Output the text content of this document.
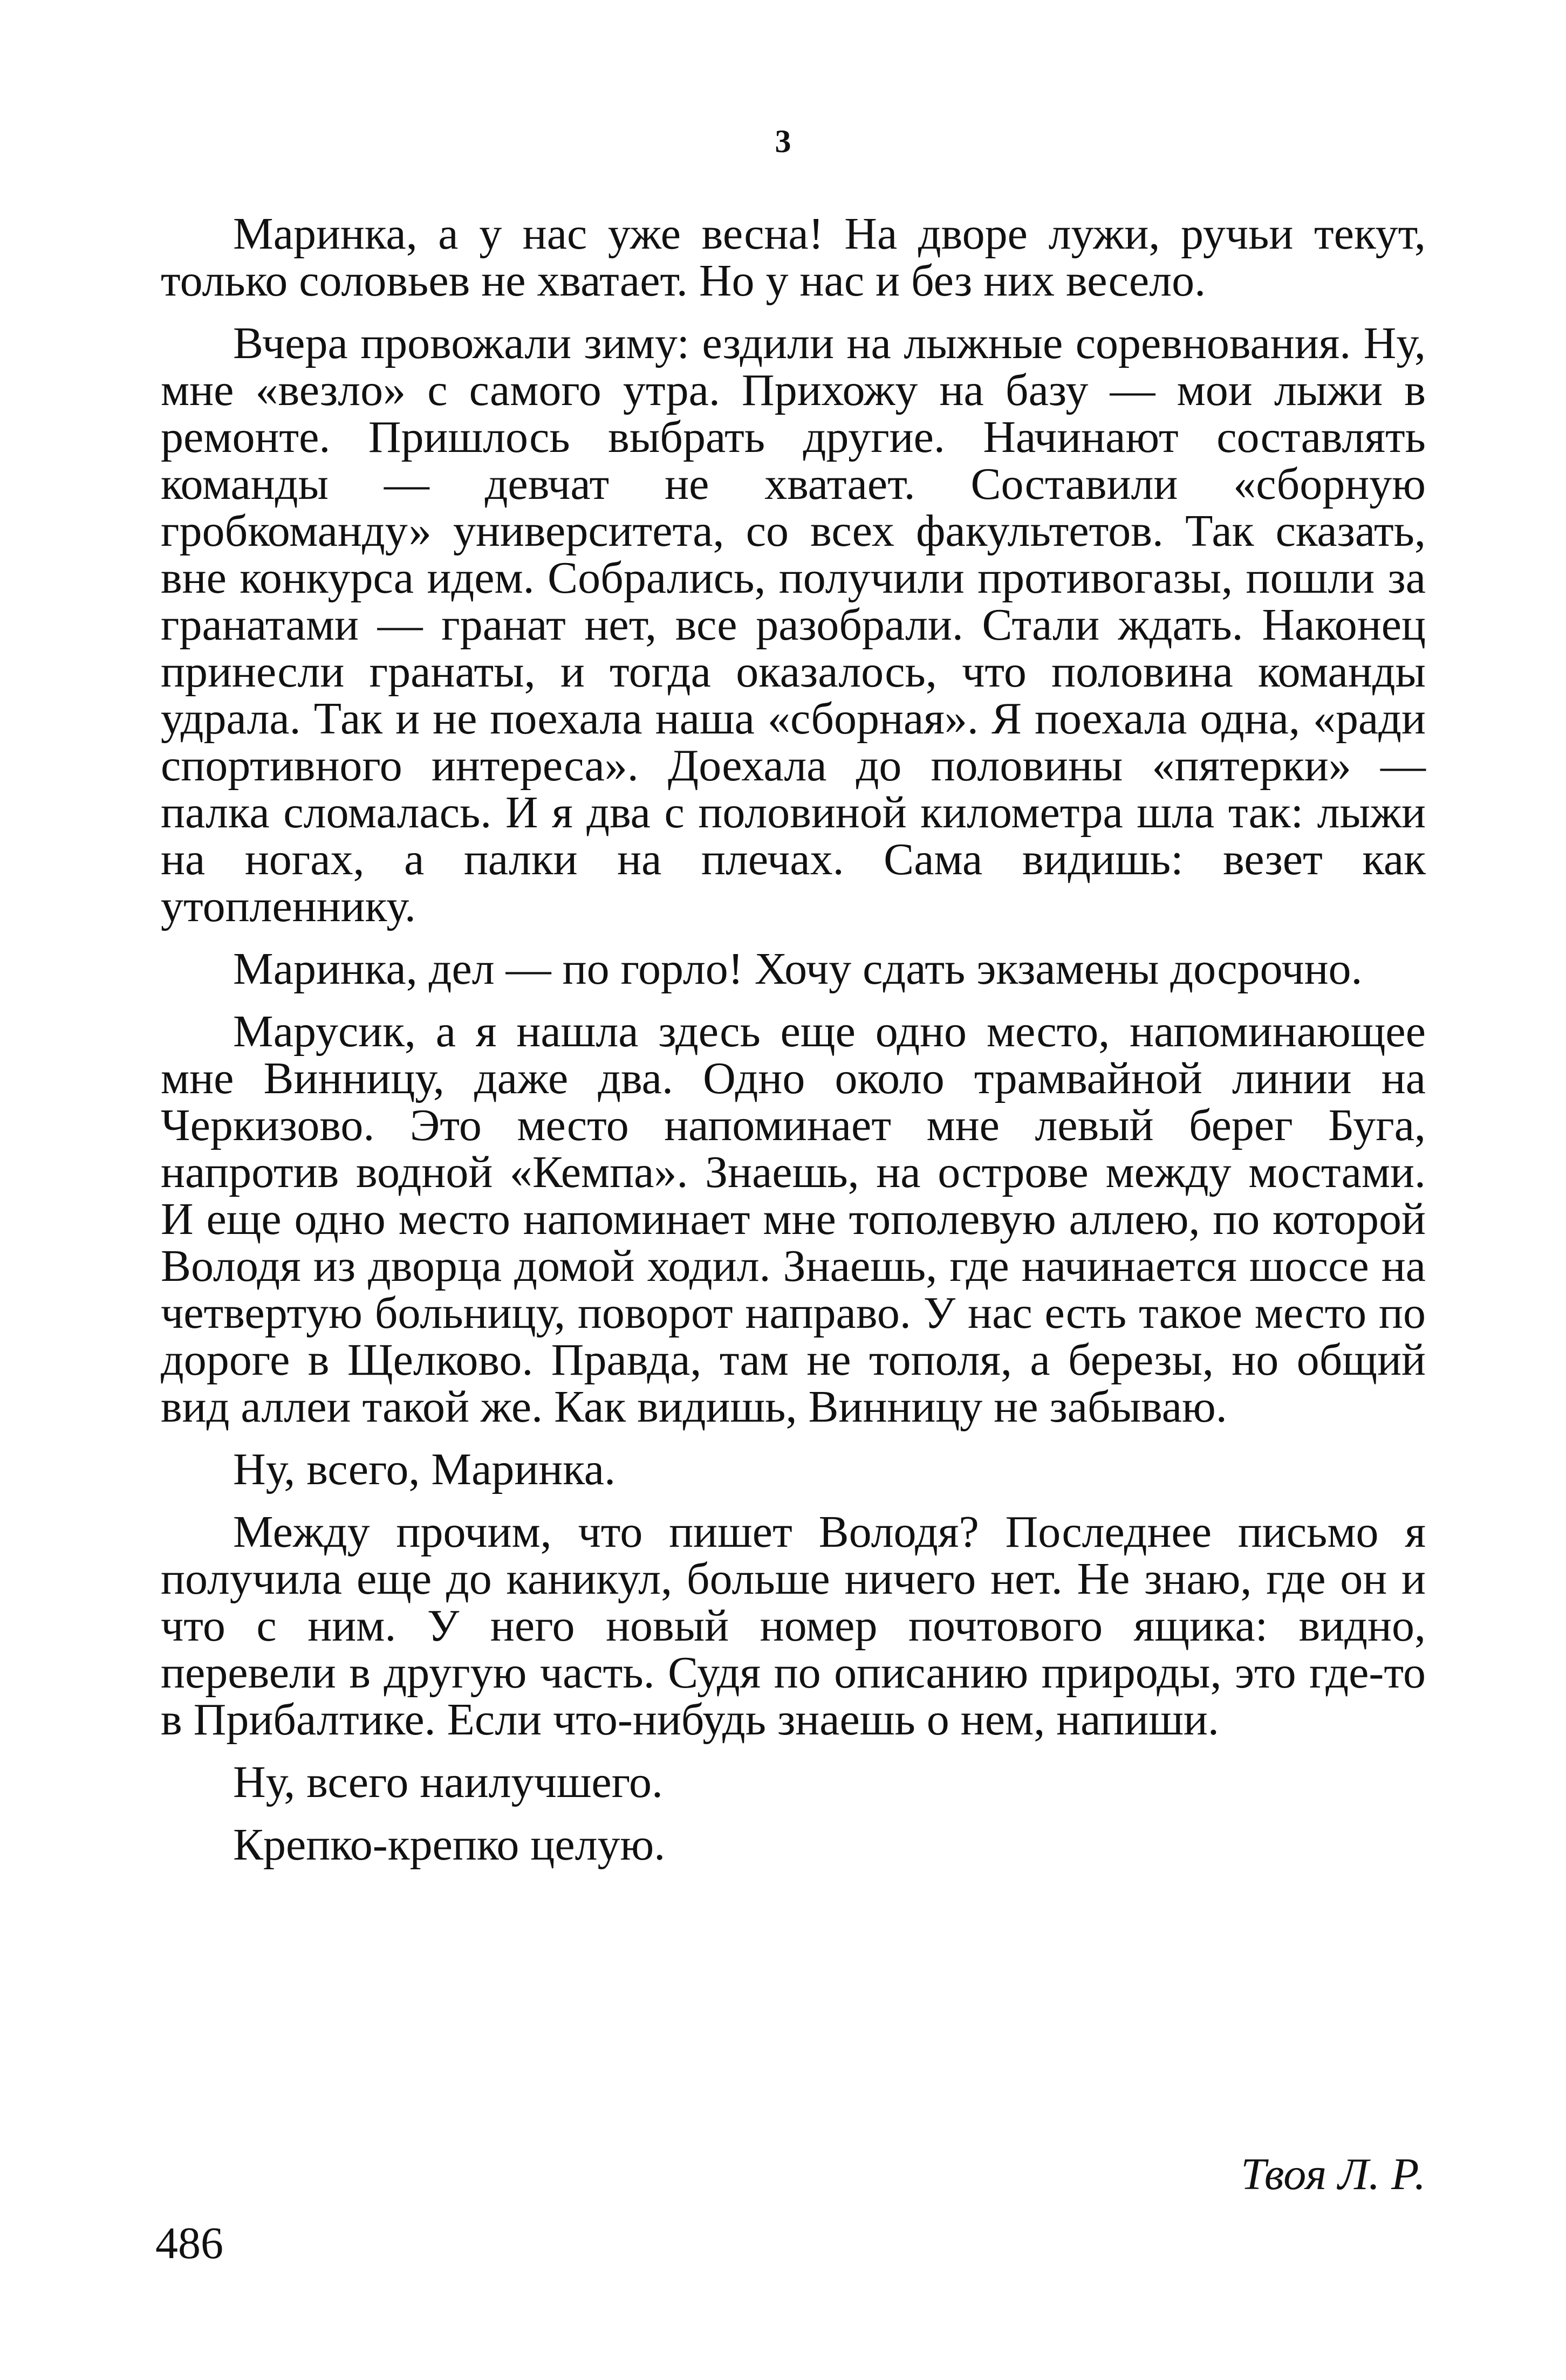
3

Маринка, а у нас уже весна! На дворе лужи, ручьи текут, только соловьев не хватает. Но у нас и без них весело.

Вчера провожали зиму: ездили на лыжные соревнования. Ну, мне «везло» с самого утра. Прихожу на базу — мои лыжи в ремонте. Пришлось выбрать другие. Начинают составлять команды — девчат не хватает. Составили «сборную гробкоманду» университета, со всех факультетов. Так сказать, вне конкурса идем. Собрались, получили противогазы, пошли за гранатами — гранат нет, все разобрали. Стали ждать. Наконец принесли гранаты, и тогда оказалось, что половина команды удрала. Так и не поехала наша «сборная». Я поехала одна, «ради спортивного интереса». Доехала до половины «пятерки» — палка сломалась. И я два с половиной километра шла так: лыжи на ногах, а палки на плечах. Сама видишь: везет как утопленнику.

Маринка, дел — по горло! Хочу сдать экзамены досрочно.

Марусик, а я нашла здесь еще одно место, напоминающее мне Винницу, даже два. Одно около трамвайной линии на Черкизово. Это место напоминает мне левый берег Буга, напротив водной «Кемпа». Знаешь, на острове между мостами. И еще одно место напоминает мне тополевую аллею, по которой Володя из дворца домой ходил. Знаешь, где начинается шоссе на четвертую больницу, поворот направо. У нас есть такое место по дороге в Щелково. Правда, там не тополя, а березы, но общий вид аллеи такой же. Как видишь, Винницу не забываю.

Ну, всего, Маринка.

Между прочим, что пишет Володя? Последнее письмо я получила еще до каникул, больше ничего нет. Не знаю, где он и что с ним. У него новый номер почтового ящика: видно, перевели в другую часть. Судя по описанию природы, это где-то в Прибалтике. Если что-нибудь знаешь о нем, напиши.

Ну, всего наилучшего.

Крепко-крепко целую.

Твоя Л. Р.
486
